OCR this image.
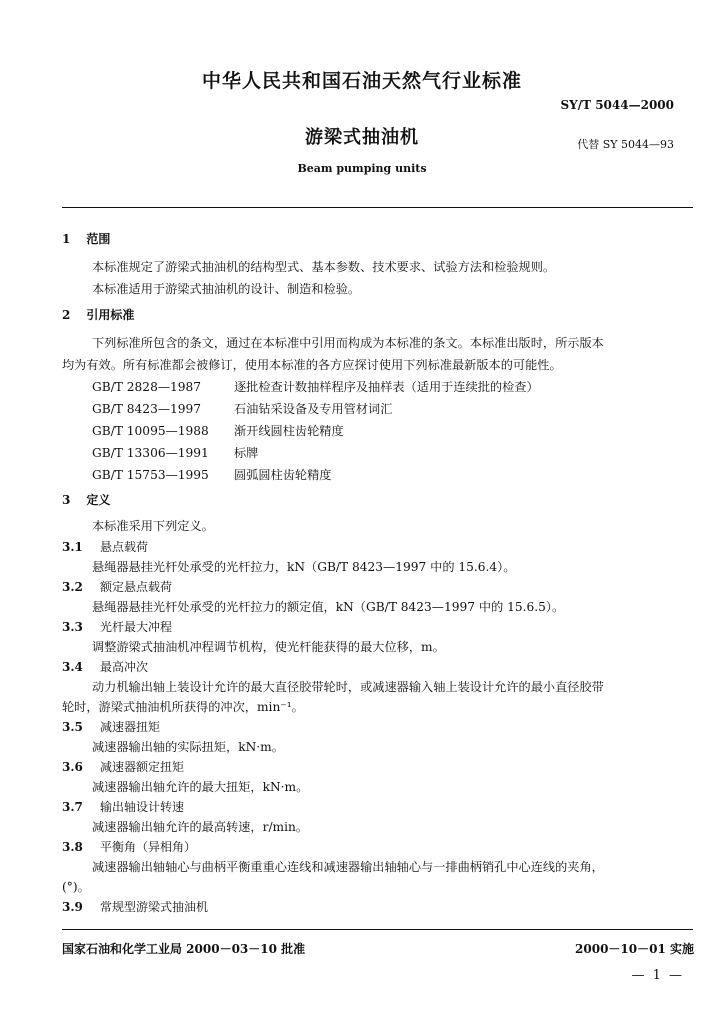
中华人民共和国石油天然气行业标准
SY/T 5044—2000
游梁式抽油机	代替 SY 5044—93
Beam pumping units
1 范围
本标准规定了游梁式抽油机的结构型式、基本参数、技术要求、试验方法和检验规则。
本标准适用于游梁式抽油机的设计、制造和检验。
2 引用标准
下列标准所包含的条文，通过在本标准中引用而构成为本标准的条文。本标准出版时，所示版本
均为有效。所有标准都会被修订，使用本标准的各方应探讨使用下列标准最新版本的可能性。
GB/T 2828—1987	逐批检查计数抽样程序及抽样表（适用于连续批的检查）
GB/T 8423—1997	石油钻采设备及专用管材词汇
GB/T 10095—1988 渐开线圆柱齿轮精度
GB/T 13306—1991 标牌
GB/T 15753—1995 圆弧圆柱齿轮精度
3 定义
本标准采用下列定义。
3.1 悬点载荷
悬绳器悬挂光杆处承受的光杆拉力，kN（GB/T 8423—1997 中的 15.6.4）。
3.2 额定悬点载荷
悬绳器悬挂光杆处承受的光杆拉力的额定值，kN（GB/T 8423—1997 中的 15.6.5）。
3.3 光杆最大冲程
调整游梁式抽油机冲程调节机构，使光杆能获得的最大位移，m。
3.4 最高冲次
动力机输出轴上装设计允许的最大直径胶带轮时，或减速器输入轴上装设计允许的最小直径胶带
轮时，游梁式抽油机所获得的冲次，min⁻¹。
3.5 减速器扭矩
减速器输出轴的实际扭矩，kN·m。
3.6 减速器额定扭矩
减速器输出轴允许的最大扭矩，kN·m。
3.7 输出轴设计转速
减速器输出轴允许的最高转速，r/min。
3.8 平衡角（异相角）
减速器输出轴轴心与曲柄平衡重重心连线和减速器输出轴轴心与一排曲柄销孔中心连线的夹角，
(°)。
3.9 常规型游梁式抽油机
国家石油和化学工业局 2000－03－10 批准	2000－10－01 实施
— 1 —
